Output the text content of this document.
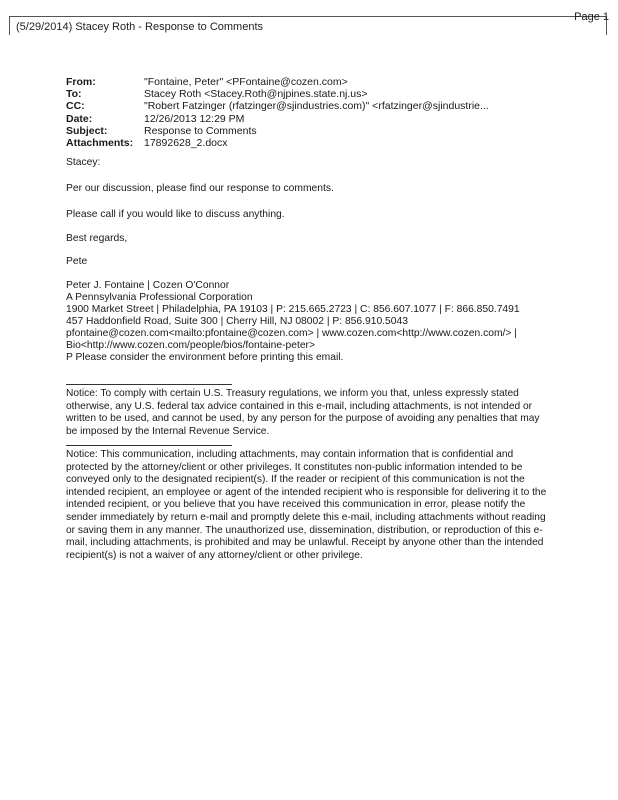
(5/29/2014) Stacey Roth - Response to Comments
Page 1
From:	"Fontaine, Peter" <PFontaine@cozen.com>
To:	Stacey Roth <Stacey.Roth@njpines.state.nj.us>
CC:	"Robert Fatzinger (rfatzinger@sjindustries.com)" <rfatzinger@sjindustrie...
Date:	12/26/2013 12:29 PM
Subject:	Response to Comments
Attachments:	17892628_2.docx
Stacey:
Per our discussion, please find our response to comments.
Please call if you would like to discuss anything.
Best regards,
Pete
Peter J. Fontaine | Cozen O'Connor
A Pennsylvania Professional Corporation
1900 Market Street | Philadelphia, PA 19103 | P: 215.665.2723 | C: 856.607.1077 | F: 866.850.7491
457 Haddonfield Road, Suite 300 | Cherry Hill, NJ 08002 | P: 856.910.5043
pfontaine@cozen.com<mailto:pfontaine@cozen.com> | www.cozen.com<http://www.cozen.com/> |
Bio<http://www.cozen.com/people/bios/fontaine-peter>
P Please consider the environment before printing this email.
Notice: To comply with certain U.S. Treasury regulations, we inform you that, unless expressly stated otherwise, any U.S. federal tax advice contained in this e-mail, including attachments, is not intended or written to be used, and cannot be used, by any person for the purpose of avoiding any penalties that may be imposed by the Internal Revenue Service.
Notice: This communication, including attachments, may contain information that is confidential and protected by the attorney/client or other privileges. It constitutes non-public information intended to be conveyed only to the designated recipient(s). If the reader or recipient of this communication is not the intended recipient, an employee or agent of the intended recipient who is responsible for delivering it to the intended recipient, or you believe that you have received this communication in error, please notify the sender immediately by return e-mail and promptly delete this e-mail, including attachments without reading or saving them in any manner. The unauthorized use, dissemination, distribution, or reproduction of this e-mail, including attachments, is prohibited and may be unlawful. Receipt by anyone other than the intended recipient(s) is not a waiver of any attorney/client or other privilege.
